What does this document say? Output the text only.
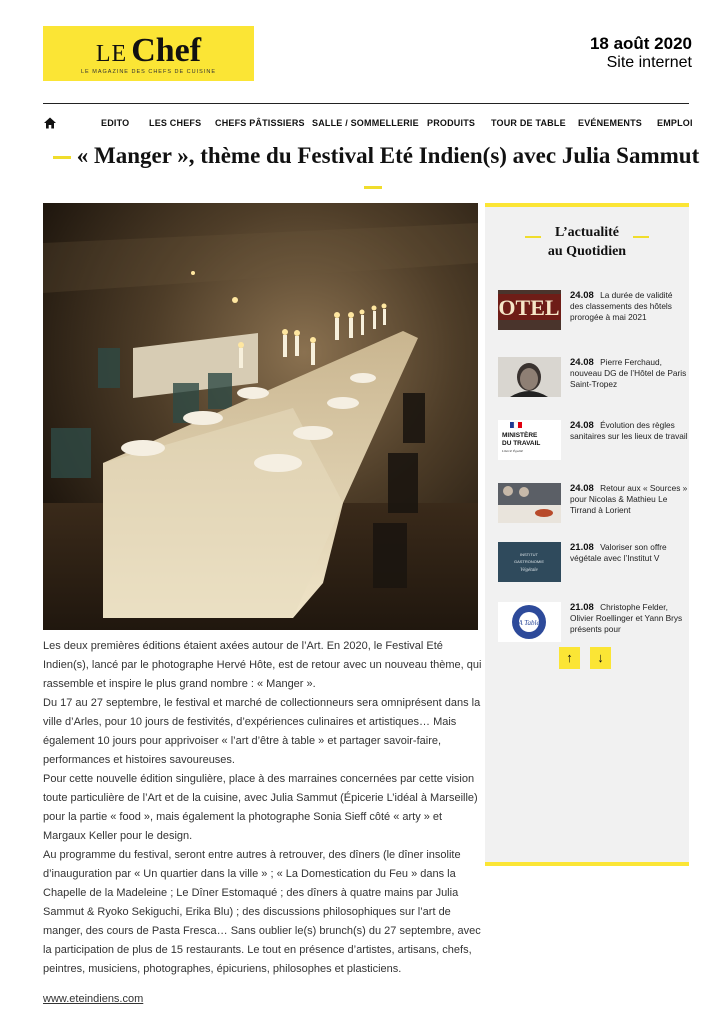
LE Chef
LE MAGAZINE DES CHEFS DE CUISINE
18 août 2020
Site internet
EDITO LES CHEFS CHEFS PÂTISSIERS SALLE / SOMMELLERIE PRODUITS TOUR DE TABLE EVÉNEMENTS EMPLOI
« Manger », thème du Festival Eté Indien(s) avec Julia Sammut
L’actualité
au Quotidien
OTEL 24.08 La durée de validité des classements des hôtels prorogée à mai 2021
24.08 Pierre Ferchaud, nouveau DG de l’Hôtel de Paris Saint-Tropez
MINISTÈRE
DU TRAVAIL
Liberté Égalité
24.08 Évolution des règles sanitaires sur les lieux de travail
24.08 Retour aux « Sources » pour Nicolas & Mathieu Le Tirrand à Lorient
INSTITUT
GASTRONOMIE
Végétale
21.08 Valoriser son offre végétale avec l’Institut V
A Table
21.08 Christophe Felder, Olivier Roellinger et Yann Brys présents pour
↑	↓

Les deux premières éditions étaient axées autour de l’Art. En 2020, le Festival Eté Indien(s), lancé par le photographe Hervé Hôte, est de retour avec un nouveau thème, qui rassemble et inspire le plus grand nombre : « Manger ».

Du 17 au 27 septembre, le festival et marché de collectionneurs sera omniprésent dans la ville d’Arles, pour 10 jours de festivités, d’expériences culinaires et artistiques… Mais également 10 jours pour apprivoiser « l’art d’être à table » et partager savoir-faire, performances et histoires savoureuses.

Pour cette nouvelle édition singulière, place à des marraines concernées par cette vision toute particulière de l’Art et de la cuisine, avec Julia Sammut (Épicerie L’idéal à Marseille) pour la partie « food », mais également la photographe Sonia Sieff côté « arty » et Margaux Keller pour le design.

Au programme du festival, seront entre autres à retrouver, des dîners (le dîner insolite d’inauguration par « Un quartier dans la ville » ; « La Domestication du Feu » dans la Chapelle de la Madeleine ; Le Dîner Estomaqué ; des dîners à quatre mains par Julia Sammut & Ryoko Sekiguchi, Erika Blu) ; des discussions philosophiques sur l’art de manger, des cours de Pasta Fresca… Sans oublier le(s) brunch(s) du 27 septembre, avec la participation de plus de 15 restaurants. Le tout en présence d’artistes, artisans, chefs, peintres, musiciens, photographes, épicuriens, philosophes et plasticiens.

www.eteindiens.com
